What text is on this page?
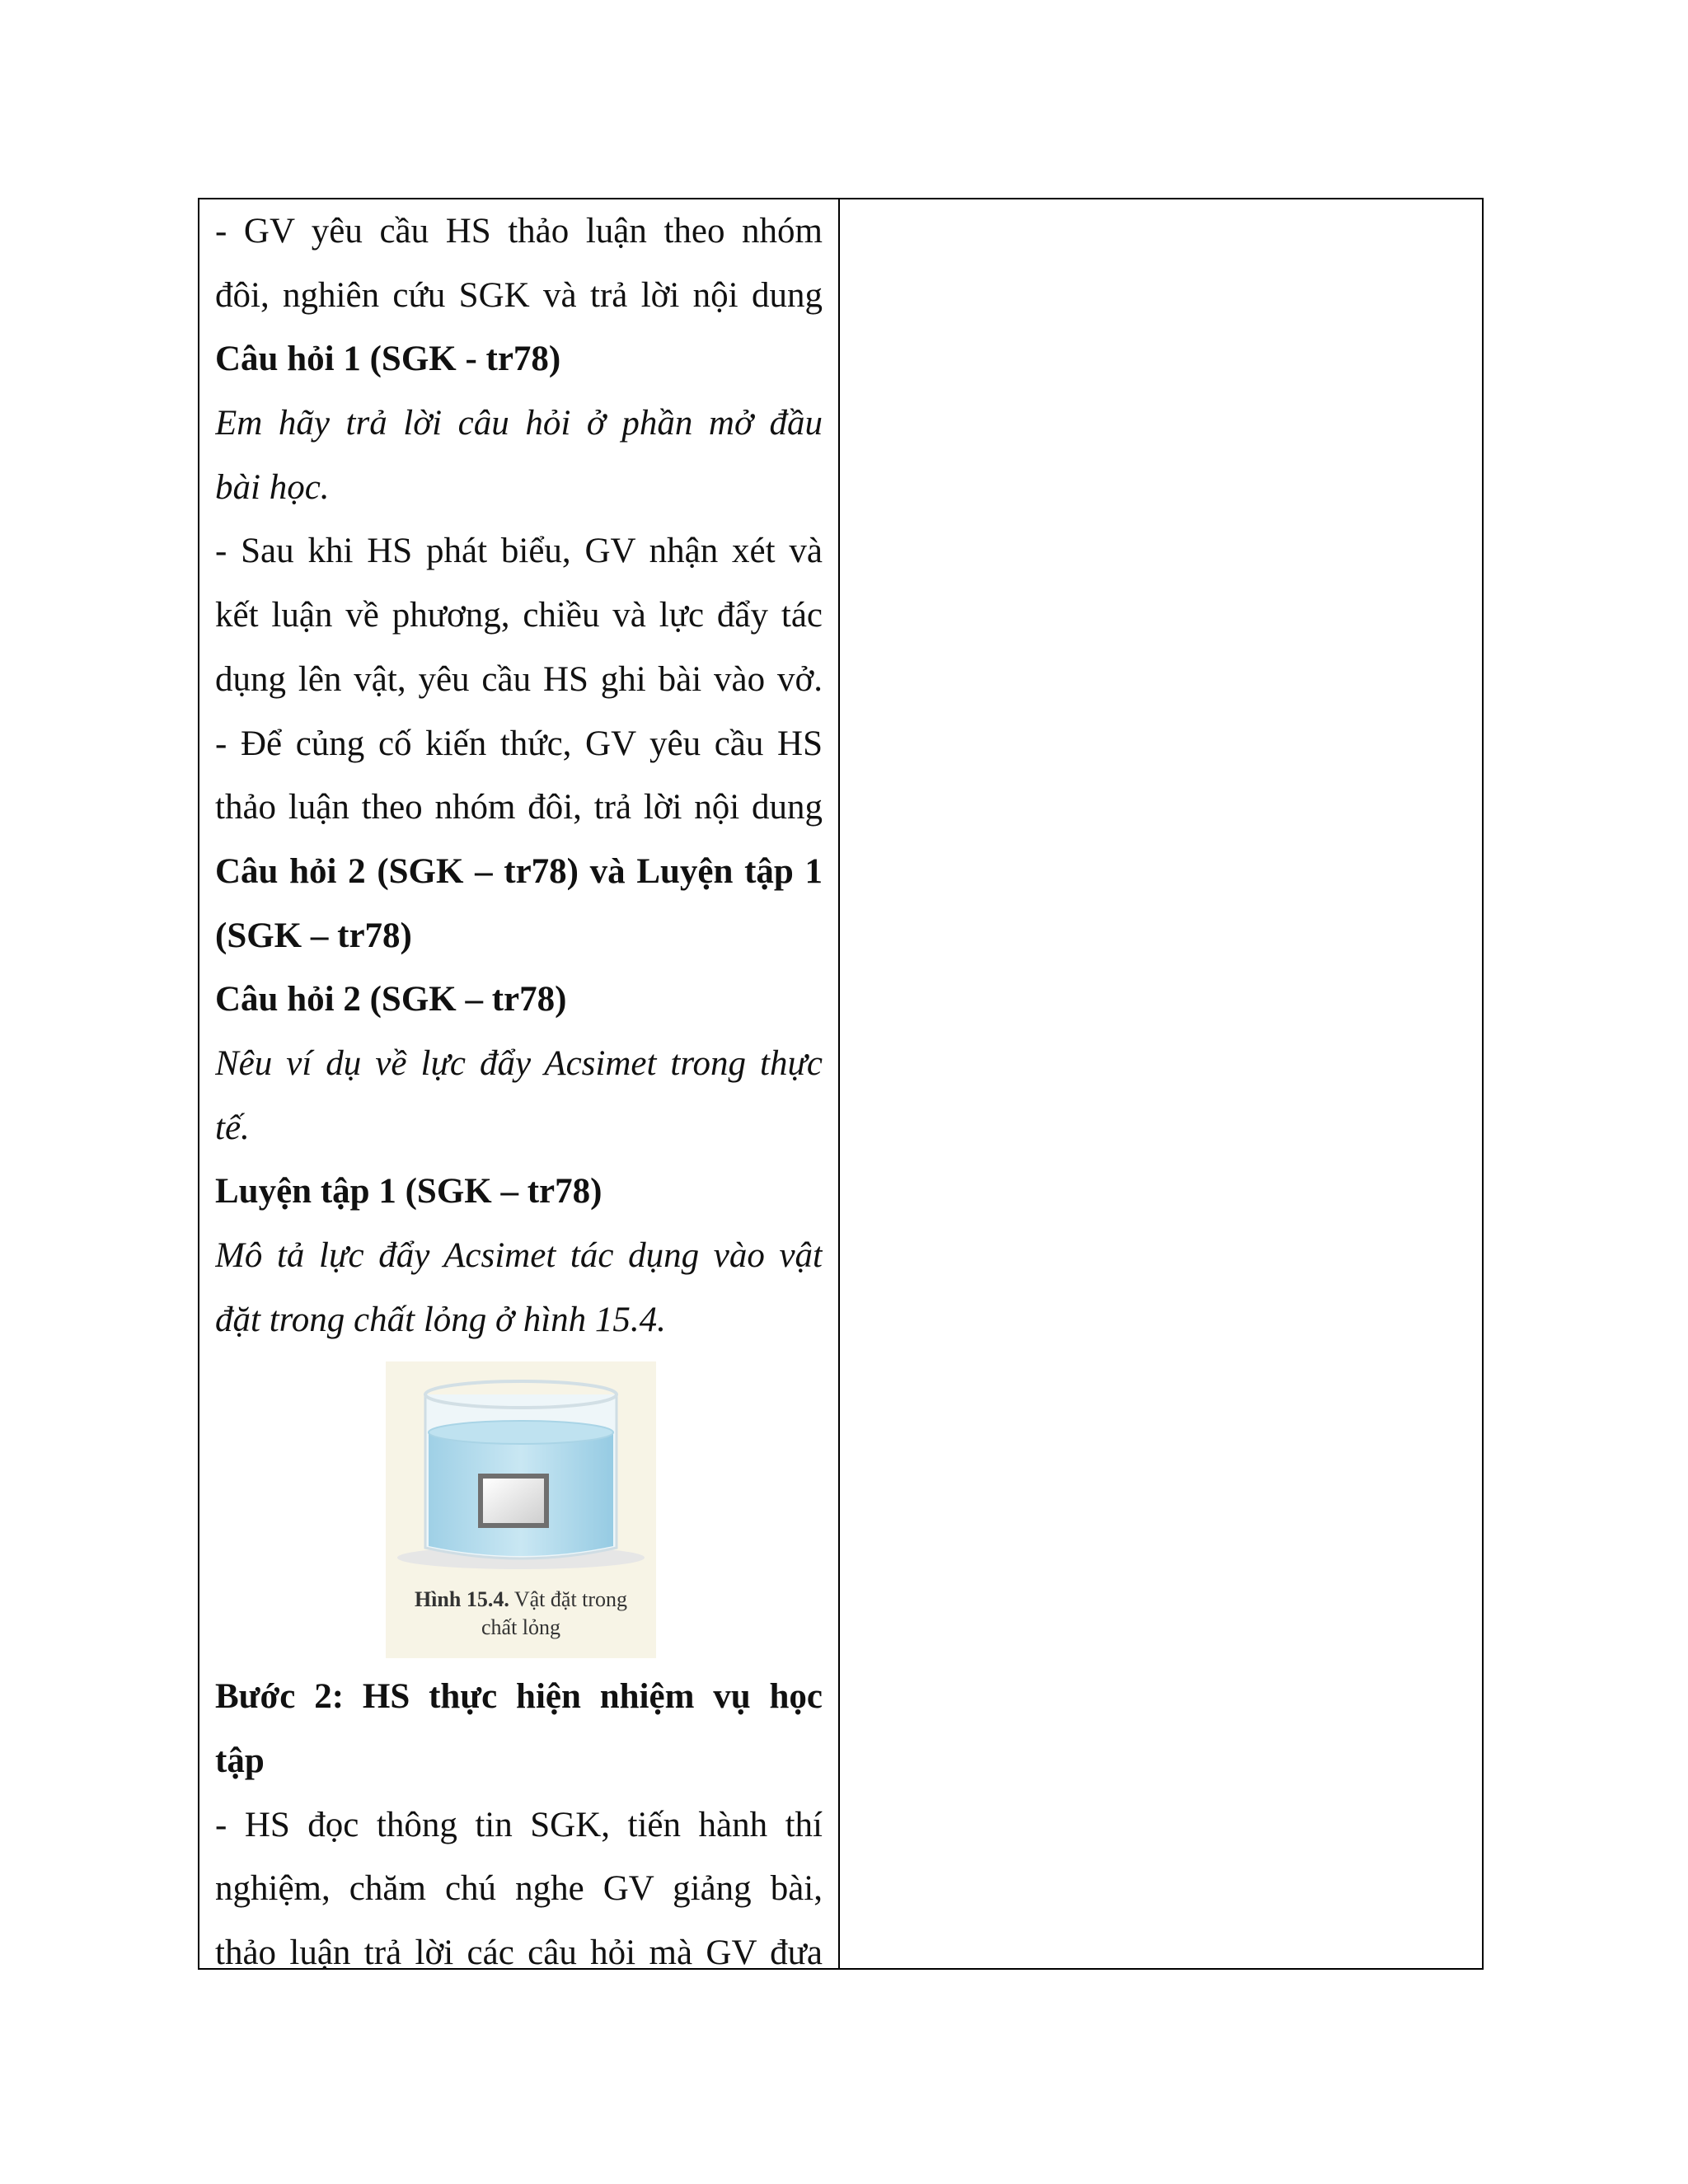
- GV yêu cầu HS thảo luận theo nhóm
đôi, nghiên cứu SGK và trả lời nội dung
Câu hỏi 1 (SGK - tr78)
Em hãy trả lời câu hỏi ở phần mở đầu
bài học.
- Sau khi HS phát biểu, GV nhận xét và
kết luận về phương, chiều và lực đẩy tác
dụng lên vật, yêu cầu HS ghi bài vào vở.
- Để củng cố kiến thức, GV yêu cầu HS
thảo luận theo nhóm đôi, trả lời nội dung
Câu hỏi 2 (SGK – tr78) và Luyện tập 1
(SGK – tr78)
Câu hỏi 2 (SGK – tr78)
Nêu ví dụ về lực đẩy Acsimet trong thực
tế.
Luyện tập 1 (SGK – tr78)
Mô tả lực đẩy Acsimet tác dụng vào vật
đặt trong chất lỏng ở hình 15.4.
Hình 15.4. Vật đặt trong
chất lỏng
Bước 2: HS thực hiện nhiệm vụ học
tập
- HS đọc thông tin SGK, tiến hành thí
nghiệm, chăm chú nghe GV giảng bài,
thảo luận trả lời các câu hỏi mà GV đưa
